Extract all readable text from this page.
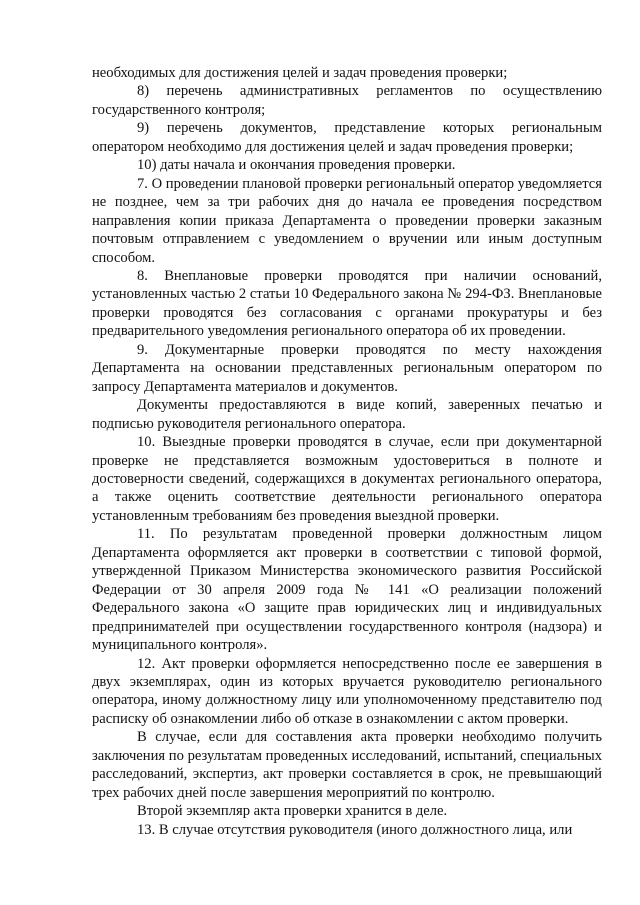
необходимых для достижения целей и задач проведения проверки;

8) перечень административных регламентов по осуществлению государственного контроля;

9) перечень документов, представление которых региональным оператором необходимо для достижения целей и задач проведения проверки;

10) даты начала и окончания проведения проверки.

7. О проведении плановой проверки региональный оператор уведомляется не позднее, чем за три рабочих дня до начала ее проведения посредством направления копии приказа Департамента о проведении проверки заказным почтовым отправлением с уведомлением о вручении или иным доступным способом.

8. Внеплановые проверки проводятся при наличии оснований, установленных частью 2 статьи 10 Федерального закона № 294-ФЗ. Внеплановые проверки проводятся без согласования с органами прокуратуры и без предварительного уведомления регионального оператора об их проведении.

9. Документарные проверки проводятся по месту нахождения Департамента на основании представленных региональным оператором по запросу Департамента материалов и документов.

Документы предоставляются в виде копий, заверенных печатью и подписью руководителя регионального оператора.

10. Выездные проверки проводятся в случае, если при документарной проверке не представляется возможным удостовериться в полноте и достоверности сведений, содержащихся в документах регионального оператора, а также оценить соответствие деятельности регионального оператора установленным требованиям без проведения выездной проверки.

11. По результатам проведенной проверки должностным лицом Департамента оформляется акт проверки в соответствии с типовой формой, утвержденной Приказом Министерства экономического развития Российской Федерации от 30 апреля 2009 года № 141 «О реализации положений Федерального закона «О защите прав юридических лиц и индивидуальных предпринимателей при осуществлении государственного контроля (надзора) и муниципального контроля».

12. Акт проверки оформляется непосредственно после ее завершения в двух экземплярах, один из которых вручается руководителю регионального оператора, иному должностному лицу или уполномоченному представителю под расписку об ознакомлении либо об отказе в ознакомлении с актом проверки.

В случае, если для составления акта проверки необходимо получить заключения по результатам проведенных исследований, испытаний, специальных расследований, экспертиз, акт проверки составляется в срок, не превышающий трех рабочих дней после завершения мероприятий по контролю.

Второй экземпляр акта проверки хранится в деле.

13. В случае отсутствия руководителя (иного должностного лица, или
